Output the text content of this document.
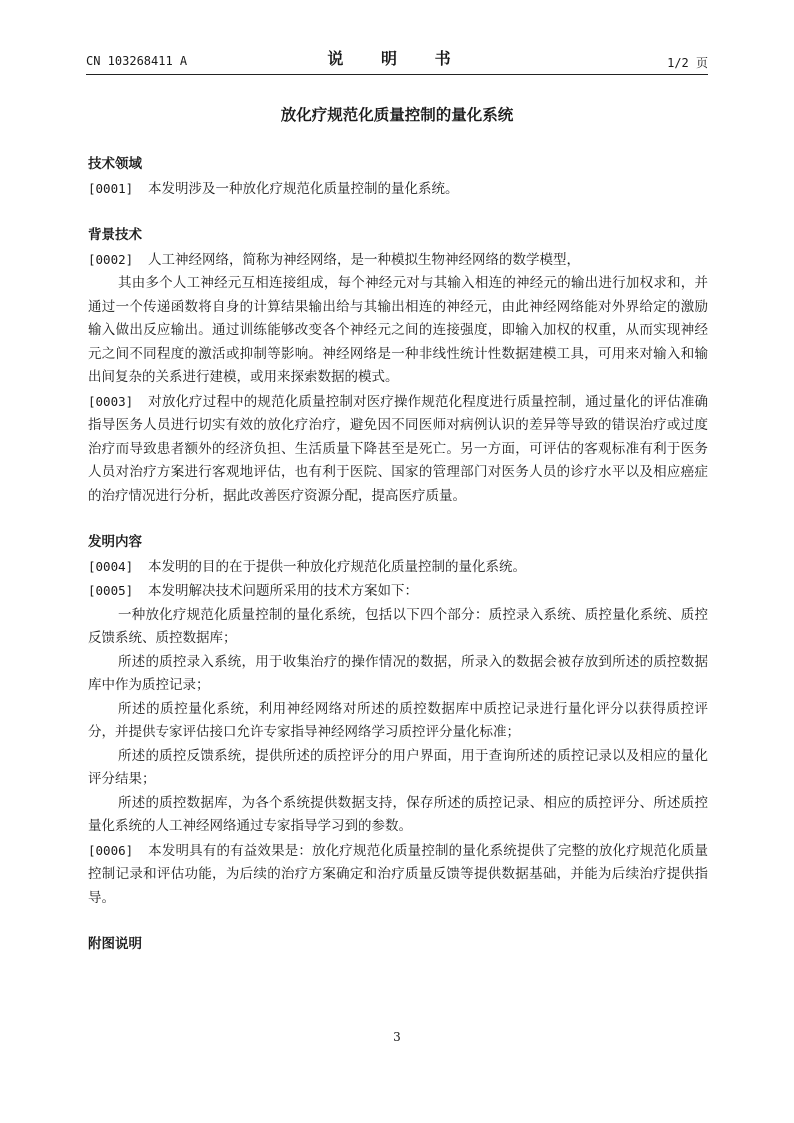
CN 103268411 A	说 明 书	1/2 页
放化疗规范化质量控制的量化系统
技术领域
[0001] 本发明涉及一种放化疗规范化质量控制的量化系统。
背景技术
[0002] 人工神经网络，简称为神经网络，是一种模拟生物神经网络的数学模型，
其由多个人工神经元互相连接组成，每个神经元对与其输入相连的神经元的输出进行加权求和，并通过一个传递函数将自身的计算结果输出给与其输出相连的神经元，由此神经网络能对外界给定的激励输入做出反应输出。通过训练能够改变各个神经元之间的连接强度，即输入加权的权重，从而实现神经元之间不同程度的激活或抑制等影响。神经网络是一种非线性统计性数据建模工具，可用来对输入和输出间复杂的关系进行建模，或用来探索数据的模式。
[0003] 对放化疗过程中的规范化质量控制对医疗操作规范化程度进行质量控制，通过量化的评估准确指导医务人员进行切实有效的放化疗治疗，避免因不同医师对病例认识的差异等导致的错误治疗或过度治疗而导致患者额外的经济负担、生活质量下降甚至是死亡。另一方面，可评估的客观标准有利于医务人员对治疗方案进行客观地评估，也有利于医院、国家的管理部门对医务人员的诊疗水平以及相应癌症的治疗情况进行分析，据此改善医疗资源分配，提高医疗质量。
发明内容
[0004] 本发明的目的在于提供一种放化疗规范化质量控制的量化系统。
[0005] 本发明解决技术问题所采用的技术方案如下：
一种放化疗规范化质量控制的量化系统，包括以下四个部分：质控录入系统、质控量化系统、质控反馈系统、质控数据库；
所述的质控录入系统，用于收集治疗的操作情况的数据，所录入的数据会被存放到所述的质控数据库中作为质控记录；
所述的质控量化系统，利用神经网络对所述的质控数据库中质控记录进行量化评分以获得质控评分，并提供专家评估接口允许专家指导神经网络学习质控评分量化标准；
所述的质控反馈系统，提供所述的质控评分的用户界面，用于查询所述的质控记录以及相应的量化评分结果；
所述的质控数据库，为各个系统提供数据支持，保存所述的质控记录、相应的质控评分、所述质控量化系统的人工神经网络通过专家指导学习到的参数。
[0006] 本发明具有的有益效果是：放化疗规范化质量控制的量化系统提供了完整的放化疗规范化质量控制记录和评估功能，为后续的治疗方案确定和治疗质量反馈等提供数据基础，并能为后续治疗提供指导。
附图说明
3
